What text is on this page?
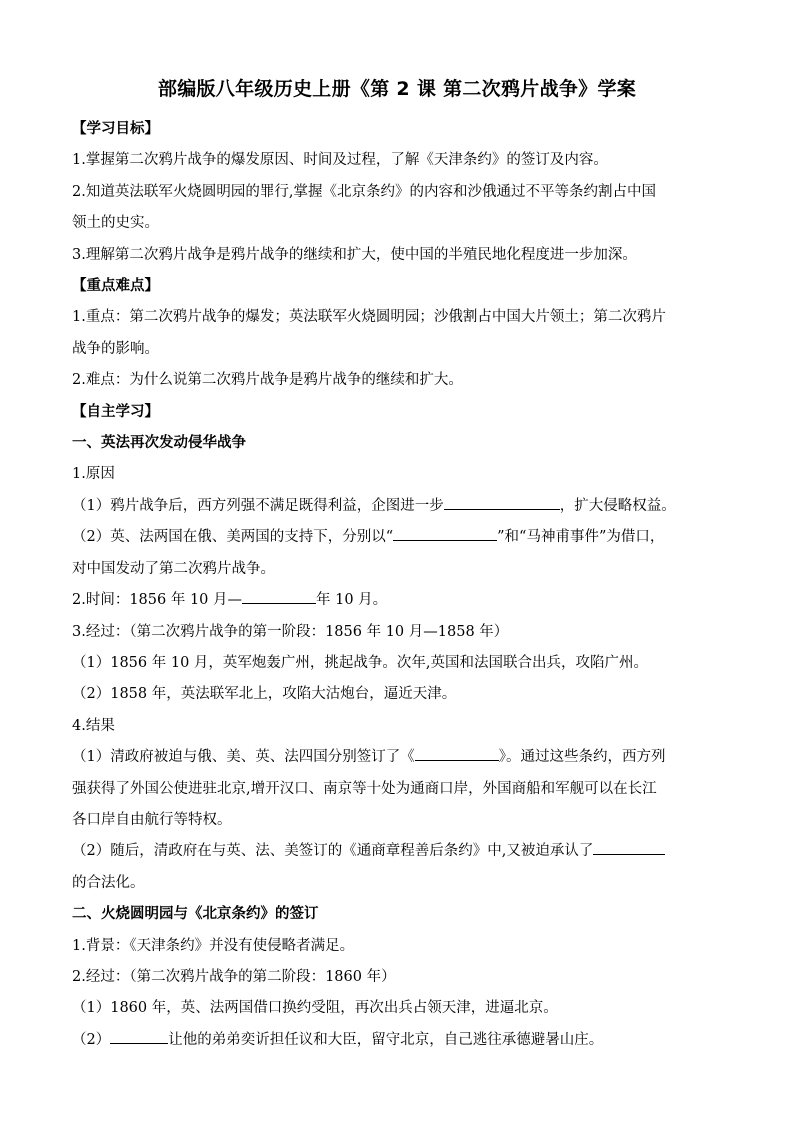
部编版八年级历史上册《第 2 课 第二次鸦片战争》学案

【学习目标】

1.掌握第二次鸦片战争的爆发原因、时间及过程，了解《天津条约》的签订及内容。

2.知道英法联军火烧圆明园的罪行,掌握《北京条约》的内容和沙俄通过不平等条约割占中国

领土的史实。

3.理解第二次鸦片战争是鸦片战争的继续和扩大，使中国的半殖民地化程度进一步加深。

【重点难点】

1.重点：第二次鸦片战争的爆发；英法联军火烧圆明园；沙俄割占中国大片领土；第二次鸦片

战争的影响。

2.难点：为什么说第二次鸦片战争是鸦片战争的继续和扩大。

【自主学习】

一、英法再次发动侵华战争

1.原因

（1）鸦片战争后，西方列强不满足既得利益，企图进一步	，扩大侵略权益。

（2）英、法两国在俄、美两国的支持下，分别以“	”和“马神甫事件”为借口，

对中国发动了第二次鸦片战争。

2.时间：1856 年 10 月—	年 10 月。

3.经过：（第二次鸦片战争的第一阶段：1856 年 10 月—1858 年）

（1）1856 年 10 月，英军炮轰广州，挑起战争。次年,英国和法国联合出兵，攻陷广州。

（2）1858 年，英法联军北上，攻陷大沽炮台，逼近天津。

4.结果

（1）清政府被迫与俄、美、英、法四国分别签订了《	》。通过这些条约，西方列

强获得了外国公使进驻北京,增开汉口、南京等十处为通商口岸，外国商船和军舰可以在长江

各口岸自由航行等特权。

（2）随后，清政府在与英、法、美签订的《通商章程善后条约》中,又被迫承认了

的合法化。

二、火烧圆明园与《北京条约》的签订

1.背景：《天津条约》并没有使侵略者满足。

2.经过：（第二次鸦片战争的第二阶段：1860 年）

（1）1860 年，英、法两国借口换约受阻，再次出兵占领天津，进逼北京。

（2）	让他的弟弟奕䜣担任议和大臣，留守北京，自己逃往承德避暑山庄。
